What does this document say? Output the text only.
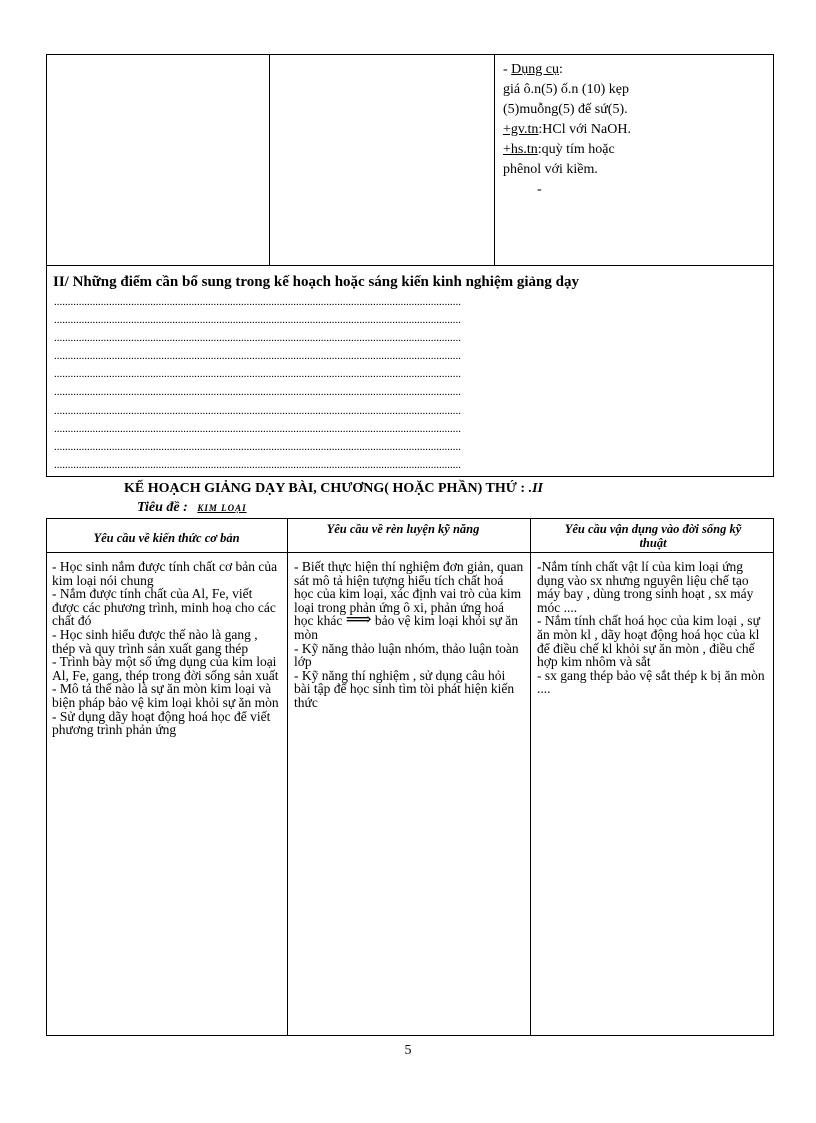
- Dụng cụ:
giá ô.n(5) ố.n (10) kẹp
(5)muỗng(5) đế sứ(5).
+gv.tn:HCl với NaOH.
+hs.tn:quỳ tím hoặc
phênol với kiềm.
-
II/ Những điểm cần bổ sung trong kế hoạch hoặc sáng kiến kinh nghiệm giảng dạy
....................................................................................................................................................
....................................................................................................................................................
....................................................................................................................................................
....................................................................................................................................................
....................................................................................................................................................
....................................................................................................................................................
....................................................................................................................................................
....................................................................................................................................................
....................................................................................................................................................
....................................................................................................................................................
KẾ HOẠCH GIẢNG DẠY BÀI, CHƯƠNG( HOẶC PHẦN) THỨ : .II
Tiêu đề : KIM LOẠI
Yêu cầu về kiến thức cơ bản
Yêu cầu về rèn luyện kỹ năng	Yêu cầu vận dụng vào đời sống kỹ thuật
- Học sinh nắm được tính chất cơ bản của kim loại nói chung
- Nắm được tính chất của Al, Fe, viết được các phương trình, minh hoạ cho các chất đó
- Học sinh hiểu được thế nào là gang , thép và quy trình sản xuất gang thép
- Trình bày một số ứng dụng của kim loại Al, Fe, gang, thép trong đời sống sản xuất
- Mô tả thế nào là sự ăn mòn kim loại và biện pháp bảo vệ kim loại khỏi sự ăn mòn
- Sử dụng dãy hoạt động hoá học để viết phương trình phản ứng
- Biết thực hiện thí nghiệm đơn giản, quan sát mô tả hiện tượng hiểu tích chất hoá học của kim loại, xác định vai trò của kim loại trong phản ứng ô xi, phản ứng hoá học khác ⟹ bảo vệ kim loại khỏi sự ăn mòn
- Kỹ năng thảo luận nhóm, thảo luận toàn lớp
- Kỹ năng thí nghiệm , sử dụng câu hỏi bài tập để học sinh tìm tòi phát hiện kiến thức
-Nắm tính chất vật lí của kim loại ứng dụng vào sx nhưng nguyên liệu chế tạo máy bay , dùng trong sinh hoạt , sx máy móc ....
- Nắm tính chất hoá học của kim loại , sự ăn mòn kl , dãy hoạt động hoá học của kl để điều chế kl khỏi sự ăn mòn , điều chế hợp kim nhôm và sắt
- sx gang thép bảo vệ sắt thép k bị ăn mòn ....
5
